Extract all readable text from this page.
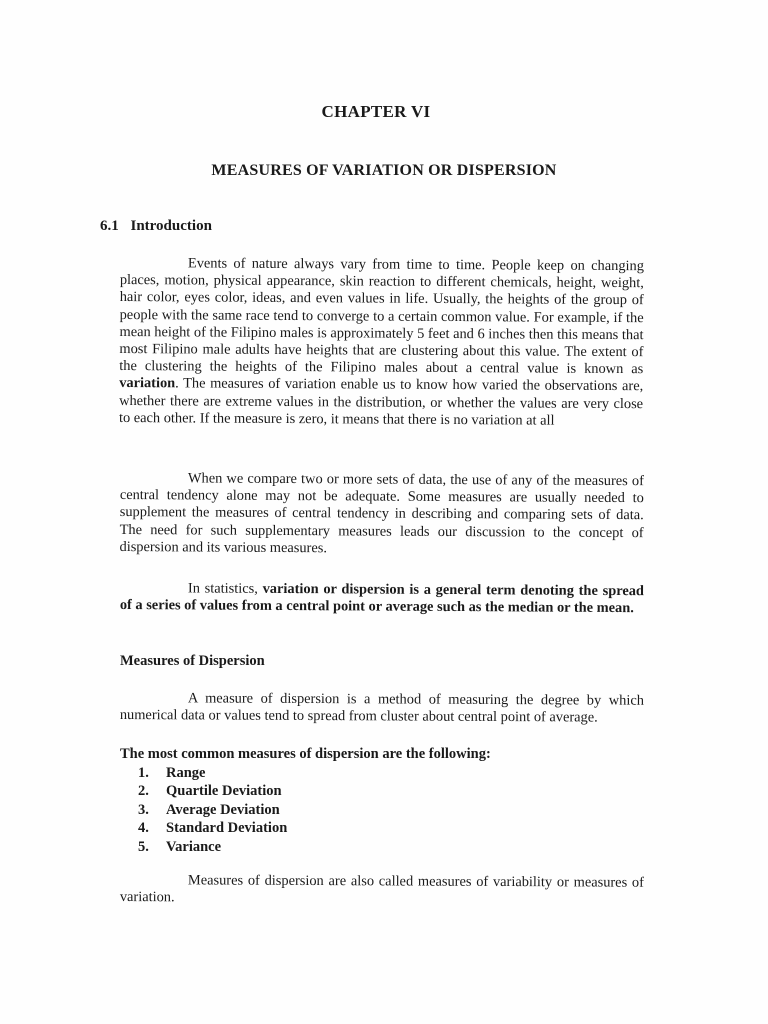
CHAPTER VI
MEASURES OF VARIATION OR DISPERSION
6.1 Introduction
Events of nature always vary from time to time. People keep on changing places, motion, physical appearance, skin reaction to different chemicals, height, weight, hair color, eyes color, ideas, and even values in life. Usually, the heights of the group of people with the same race tend to converge to a certain common value. For example, if the mean height of the Filipino males is approximately 5 feet and 6 inches then this means that most Filipino male adults have heights that are clustering about this value. The extent of the clustering the heights of the Filipino males about a central value is known as variation. The measures of variation enable us to know how varied the observations are, whether there are extreme values in the distribution, or whether the values are very close to each other. If the measure is zero, it means that there is no variation at all
When we compare two or more sets of data, the use of any of the measures of central tendency alone may not be adequate. Some measures are usually needed to supplement the measures of central tendency in describing and comparing sets of data. The need for such supplementary measures leads our discussion to the concept of dispersion and its various measures.
In statistics, variation or dispersion is a general term denoting the spread of a series of values from a central point or average such as the median or the mean.
Measures of Dispersion
A measure of dispersion is a method of measuring the degree by which numerical data or values tend to spread from cluster about central point of average.
The most common measures of dispersion are the following:
1. Range
2. Quartile Deviation
3. Average Deviation
4. Standard Deviation
5. Variance
Measures of dispersion are also called measures of variability or measures of variation.
